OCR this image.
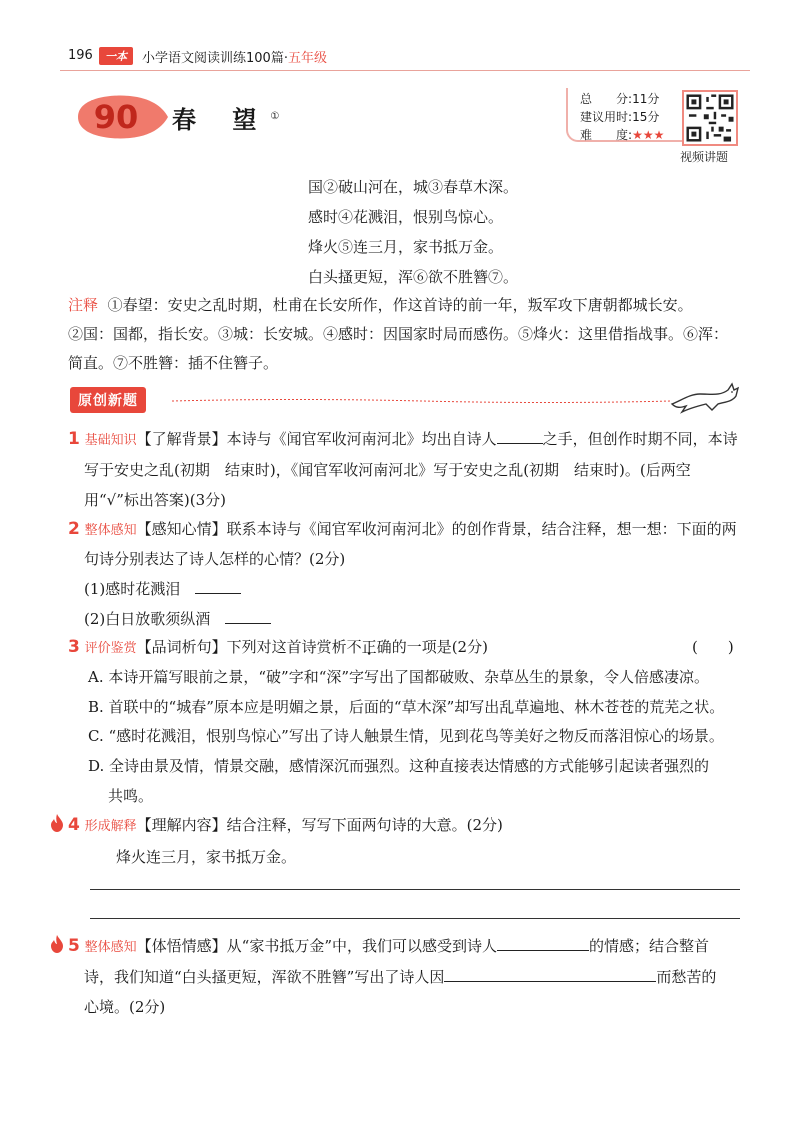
196	一本	小学语文阅读训练100篇·五年级
90 春 望①
总　　分:11分
建议用时:15分
难　　度:★★★
视频讲题
国②破山河在，城③春草木深。
感时④花溅泪，恨别鸟惊心。
烽火⑤连三月，家书抵万金。
白头搔更短，浑⑥欲不胜簪⑦。
注释 ①春望：安史之乱时期，杜甫在长安所作，作这首诗的前一年，叛军攻下唐朝都城长安。
②国：国都，指长安。③城：长安城。④感时：因国家时局而感伤。⑤烽火：这里借指战事。⑥浑：
简直。⑦不胜簪：插不住簪子。
原创新题
1 基础知识【了解背景】本诗与《闻官军收河南河北》均出自诗人	之手，但创作时期不同，本诗
写于安史之乱(初期　结束时)，《闻官军收河南河北》写于安史之乱(初期　结束时)。(后两空
用“√”标出答案)(3分)
2 整体感知【感知心情】联系本诗与《闻官军收河南河北》的创作背景，结合注释，想一想：下面的两
句诗分别表达了诗人怎样的心情？(2分)
(1)感时花溅泪
(2)白日放歌须纵酒
3 评价鉴赏【品词析句】下列对这首诗赏析不正确的一项是(2分)	(　　)
A. 本诗开篇写眼前之景，“破”字和“深”字写出了国都破败、杂草丛生的景象，令人倍感凄凉。
B. 首联中的“城春”原本应是明媚之景，后面的“草木深”却写出乱草遍地、林木苍苍的荒芜之状。
C. “感时花溅泪，恨别鸟惊心”写出了诗人触景生情，见到花鸟等美好之物反而落泪惊心的场景。
D. 全诗由景及情，情景交融，感情深沉而强烈。这种直接表达情感的方式能够引起读者强烈的
共鸣。
4 形成解释【理解内容】结合注释，写写下面两句诗的大意。(2分)
烽火连三月，家书抵万金。
5 整体感知【体悟情感】从“家书抵万金”中，我们可以感受到诗人	的情感；结合整首
诗，我们知道“白头搔更短，浑欲不胜簪”写出了诗人因	而愁苦的
心境。(2分)
